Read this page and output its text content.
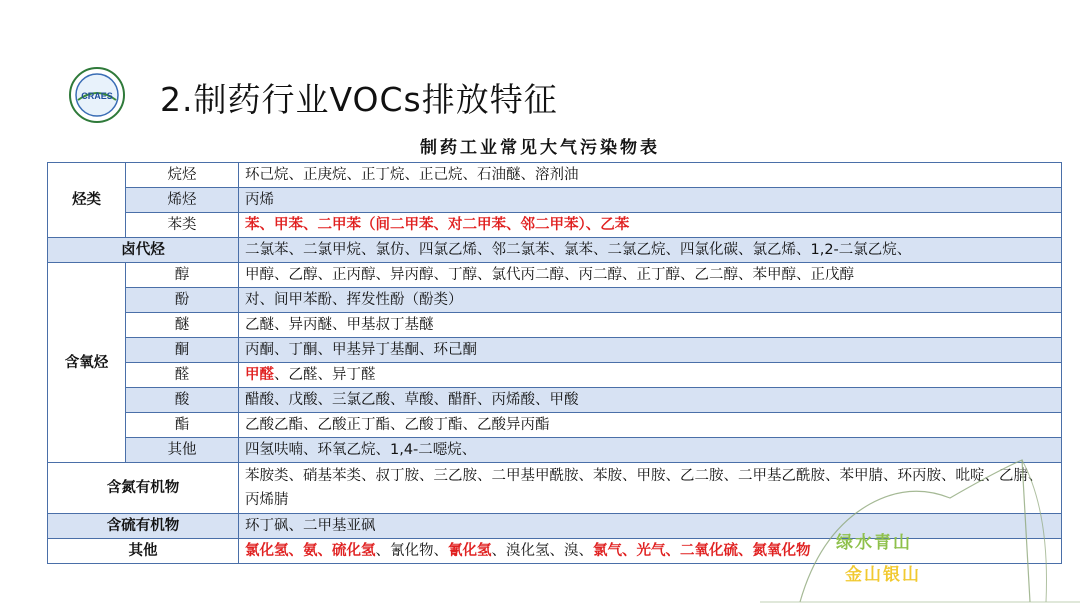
CRAES 2.制药行业VOCs排放特征
制药工业常见大气污染物表
烃类	烷烃	环己烷、正庚烷、正丁烷、正己烷、石油醚、溶剂油
	烯烃	丙烯
	苯类	苯、甲苯、二甲苯（间二甲苯、对二甲苯、邻二甲苯）、乙苯
卤代烃		二氯苯、二氯甲烷、氯仿、四氯乙烯、邻二氯苯、氯苯、二氯乙烷、四氯化碳、氯乙烯、1,2-二氯乙烷、
含氧烃	醇	甲醇、乙醇、正丙醇、异丙醇、丁醇、氯代丙二醇、丙二醇、正丁醇、乙二醇、苯甲醇、正戊醇
	酚	对、间甲苯酚、挥发性酚（酚类）
	醚	乙醚、异丙醚、甲基叔丁基醚
	酮	丙酮、丁酮、甲基异丁基酮、环己酮
	醛	甲醛、乙醛、异丁醛
	酸	醋酸、戊酸、三氯乙酸、草酸、醋酐、丙烯酸、甲酸
	酯	乙酸乙酯、乙酸正丁酯、乙酸丁酯、乙酸异丙酯
	其他	四氢呋喃、环氧乙烷、1,4-二噁烷、
含氮有机物		苯胺类、硝基苯类、叔丁胺、三乙胺、二甲基甲酰胺、苯胺、甲胺、乙二胺、二甲基乙酰胺、苯甲腈、环丙胺、吡啶、乙腈、丙烯腈
含硫有机物		环丁砜、二甲基亚砜
其他		氯化氢、氨、硫化氢、氰化物、氰化氢、溴化氢、溴、氯气、光气、二氧化硫、氮氧化物 绿水青山
金山银山
